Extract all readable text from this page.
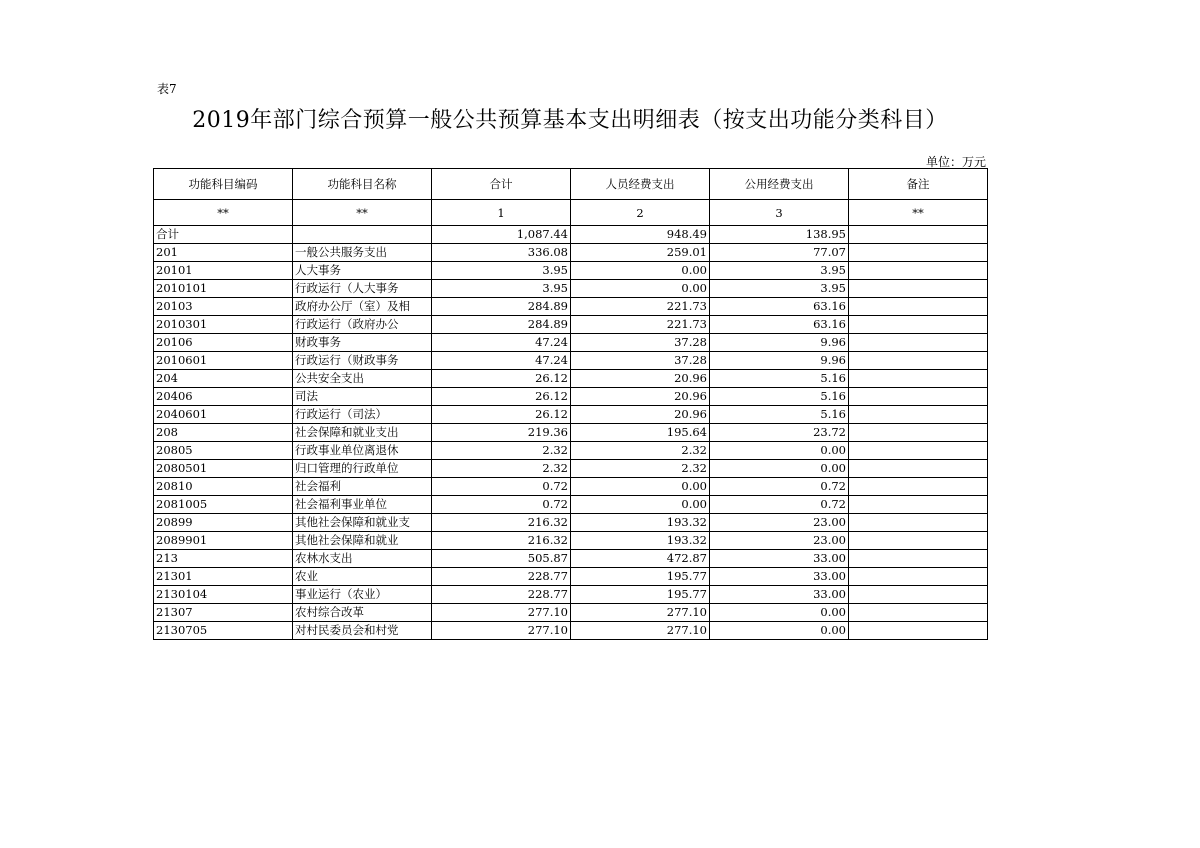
表7
2019年部门综合预算一般公共预算基本支出明细表（按支出功能分类科目）
单位：万元
功能科目编码	功能科目名称	合计	人员经费支出	公用经费支出	备注
**	**	1	2	3	**
合计		1,087.44	948.49	138.95	
201	一般公共服务支出	336.08	259.01	77.07	
20101	人大事务	3.95	0.00	3.95	
2010101	行政运行（人大事务	3.95	0.00	3.95	
20103	政府办公厅（室）及相	284.89	221.73	63.16	
2010301	行政运行（政府办公	284.89	221.73	63.16	
20106	财政事务	47.24	37.28	9.96	
2010601	行政运行（财政事务	47.24	37.28	9.96	
204	公共安全支出	26.12	20.96	5.16	
20406	司法	26.12	20.96	5.16	
2040601	行政运行（司法）	26.12	20.96	5.16	
208	社会保障和就业支出	219.36	195.64	23.72	
20805	行政事业单位离退休	2.32	2.32	0.00	
2080501	归口管理的行政单位	2.32	2.32	0.00	
20810	社会福利	0.72	0.00	0.72	
2081005	社会福利事业单位	0.72	0.00	0.72	
20899	其他社会保障和就业支	216.32	193.32	23.00	
2089901	其他社会保障和就业	216.32	193.32	23.00	
213	农林水支出	505.87	472.87	33.00	
21301	农业	228.77	195.77	33.00	
2130104	事业运行（农业）	228.77	195.77	33.00	
21307	农村综合改革	277.10	277.10	0.00	
2130705	对村民委员会和村党	277.10	277.10	0.00	
